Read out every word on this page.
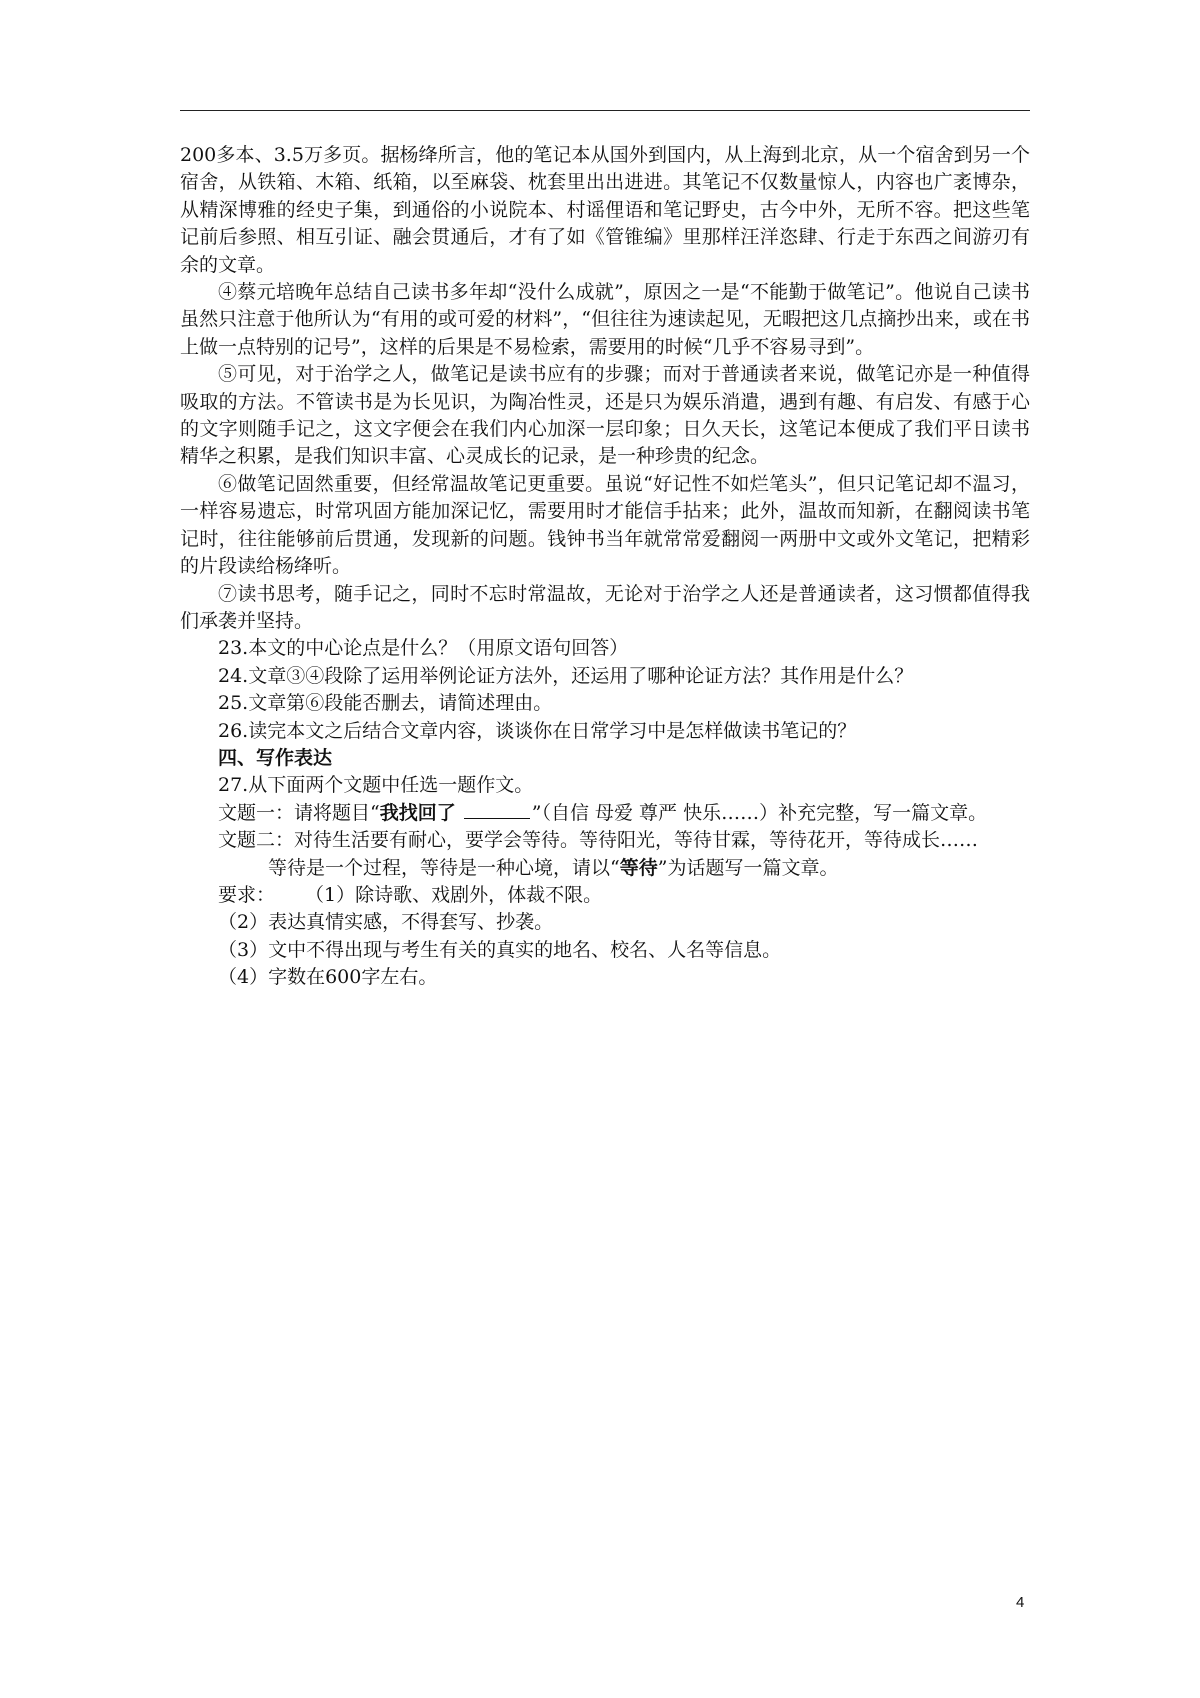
200多本、3.5万多页。据杨绛所言，他的笔记本从国外到国内，从上海到北京，从一个宿舍到另一个宿舍，从铁箱、木箱、纸箱，以至麻袋、枕套里出出进进。其笔记不仅数量惊人，内容也广袤博杂，从精深博雅的经史子集，到通俗的小说院本、村谣俚语和笔记野史，古今中外，无所不容。把这些笔记前后参照、相互引证、融会贯通后，才有了如《管锥编》里那样汪洋恣肆、行走于东西之间游刃有余的文章。

④蔡元培晚年总结自己读书多年却“没什么成就”，原因之一是“不能勤于做笔记”。他说自己读书虽然只注意于他所认为“有用的或可爱的材料”，“但往往为速读起见，无暇把这几点摘抄出来，或在书上做一点特别的记号”，这样的后果是不易检索，需要用的时候“几乎不容易寻到”。

⑤可见，对于治学之人，做笔记是读书应有的步骤；而对于普通读者来说，做笔记亦是一种值得吸取的方法。不管读书是为长见识，为陶冶性灵，还是只为娱乐消遣，遇到有趣、有启发、有感于心的文字则随手记之，这文字便会在我们内心加深一层印象；日久天长，这笔记本便成了我们平日读书精华之积累，是我们知识丰富、心灵成长的记录，是一种珍贵的纪念。

⑥做笔记固然重要，但经常温故笔记更重要。虽说“好记性不如烂笔头”，但只记笔记却不温习，一样容易遗忘，时常巩固方能加深记忆，需要用时才能信手拈来；此外，温故而知新，在翻阅读书笔记时，往往能够前后贯通，发现新的问题。钱钟书当年就常常爱翻阅一两册中文或外文笔记，把精彩的片段读给杨绛听。

⑦读书思考，随手记之，同时不忘时常温故，无论对于治学之人还是普通读者，这习惯都值得我们承袭并坚持。

23.本文的中心论点是什么？（用原文语句回答）

24.文章③④段除了运用举例论证方法外，还运用了哪种论证方法？其作用是什么？

25.文章第⑥段能否删去，请简述理由。

26.读完本文之后结合文章内容，谈谈你在日常学习中是怎样做读书笔记的？

四、写作表达

27.从下面两个文题中任选一题作文。

文题一：请将题目“我找回了	”（自信 母爱 尊严 快乐……）补充完整，写一篇文章。

文题二：对待生活要有耐心，要学会等待。等待阳光，等待甘霖，等待花开，等待成长……

等待是一个过程，等待是一种心境，请以“等待”为话题写一篇文章。

要求： （1）除诗歌、戏剧外，体裁不限。

（2）表达真情实感，不得套写、抄袭。

（3）文中不得出现与考生有关的真实的地名、校名、人名等信息。

（4）字数在600字左右。

4
